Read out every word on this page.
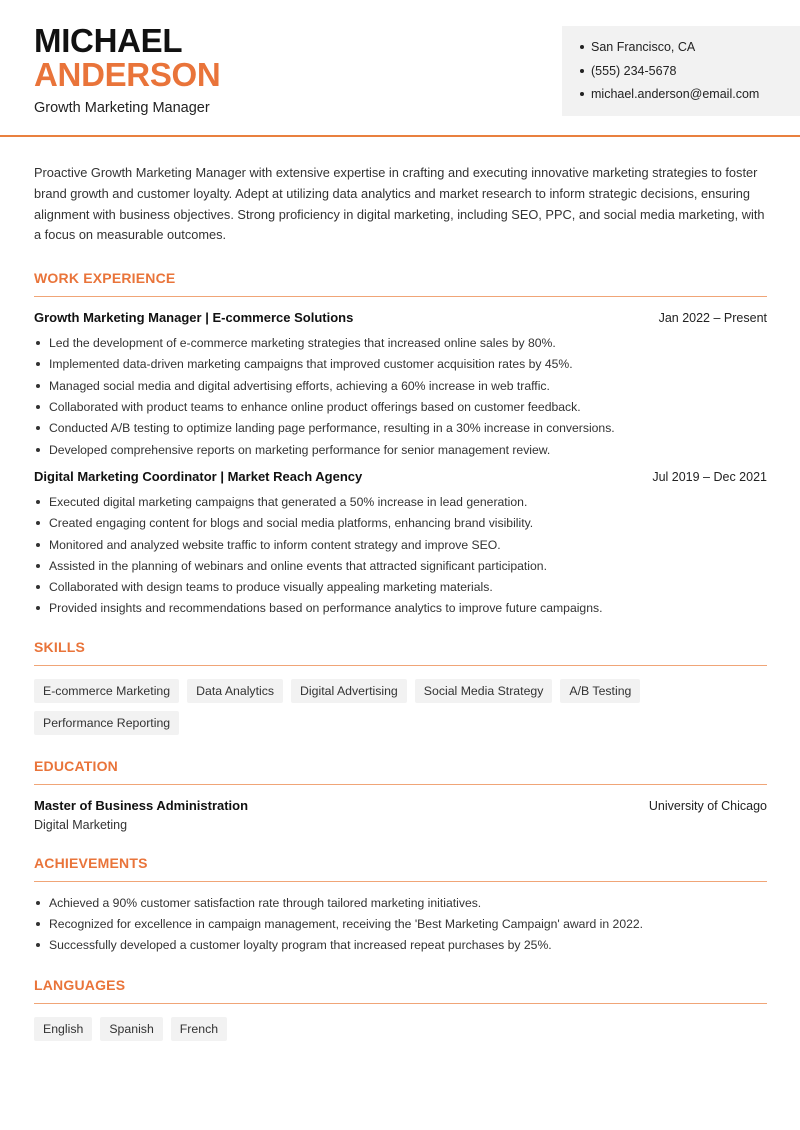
MICHAEL
ANDERSON
Growth Marketing Manager
San Francisco, CA
(555) 234-5678
michael.anderson@email.com

Proactive Growth Marketing Manager with extensive expertise in crafting and executing innovative marketing strategies to foster brand growth and customer loyalty. Adept at utilizing data analytics and market research to inform strategic decisions, ensuring alignment with business objectives. Strong proficiency in digital marketing, including SEO, PPC, and social media marketing, with a focus on measurable outcomes.

WORK EXPERIENCE
Growth Marketing Manager | E-commerce Solutions	Jan 2022 – Present
Led the development of e-commerce marketing strategies that increased online sales by 80%.
Implemented data-driven marketing campaigns that improved customer acquisition rates by 45%.
Managed social media and digital advertising efforts, achieving a 60% increase in web traffic.
Collaborated with product teams to enhance online product offerings based on customer feedback.
Conducted A/B testing to optimize landing page performance, resulting in a 30% increase in conversions.
Developed comprehensive reports on marketing performance for senior management review.
Digital Marketing Coordinator | Market Reach Agency	Jul 2019 – Dec 2021
Executed digital marketing campaigns that generated a 50% increase in lead generation.
Created engaging content for blogs and social media platforms, enhancing brand visibility.
Monitored and analyzed website traffic to inform content strategy and improve SEO.
Assisted in the planning of webinars and online events that attracted significant participation.
Collaborated with design teams to produce visually appealing marketing materials.
Provided insights and recommendations based on performance analytics to improve future campaigns.
SKILLS
E-commerce Marketing	Data Analytics	Digital Advertising	Social Media Strategy	A/B Testing
Performance Reporting
EDUCATION
Master of Business Administration	University of Chicago
Digital Marketing
ACHIEVEMENTS
Achieved a 90% customer satisfaction rate through tailored marketing initiatives.
Recognized for excellence in campaign management, receiving the 'Best Marketing Campaign' award in 2022.
Successfully developed a customer loyalty program that increased repeat purchases by 25%.
LANGUAGES
English	Spanish	French
